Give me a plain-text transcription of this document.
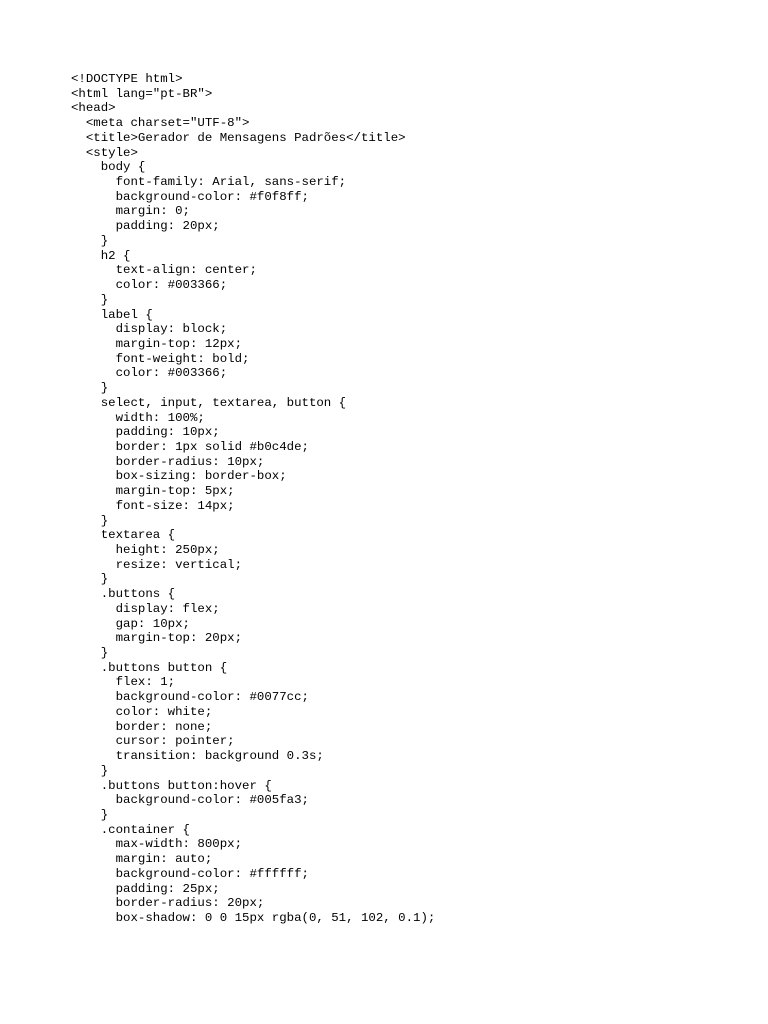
<!DOCTYPE html>
<html lang="pt-BR">
<head>
<meta charset="UTF-8">
<title>Gerador de Mensagens Padrões</title>
<style>
body {
font-family: Arial, sans-serif;
background-color: #f0f8ff;
margin: 0;
padding: 20px;
}
h2 {
text-align: center;
color: #003366;
}
label {
display: block;
margin-top: 12px;
font-weight: bold;
color: #003366;
}
select, input, textarea, button {
width: 100%;
padding: 10px;
border: 1px solid #b0c4de;
border-radius: 10px;
box-sizing: border-box;
margin-top: 5px;
font-size: 14px;
}
textarea {
height: 250px;
resize: vertical;
}
.buttons {
display: flex;
gap: 10px;
margin-top: 20px;
}
.buttons button {
flex: 1;
background-color: #0077cc;
color: white;
border: none;
cursor: pointer;
transition: background 0.3s;
}
.buttons button:hover {
background-color: #005fa3;
}
.container {
max-width: 800px;
margin: auto;
background-color: #ffffff;
padding: 25px;
border-radius: 20px;
box-shadow: 0 0 15px rgba(0, 51, 102, 0.1);
